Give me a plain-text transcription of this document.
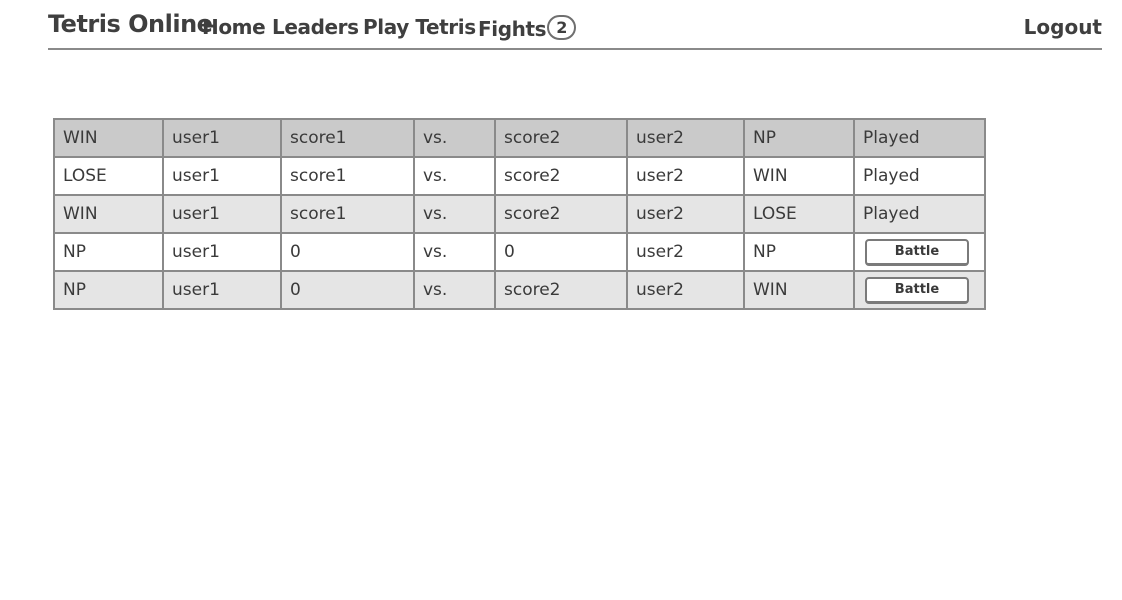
Tetris Online
Home Leaders Play Tetris Fights 2	Logout
WIN	user1	score1	vs.	score2	user2	NP	Played
LOSE	user1	score1	vs.	score2	user2	WIN	Played
WIN	user1	score1	vs.	score2	user2	LOSE	Played
NP	user1	0	vs.	0	user2	NP	Battle
NP	user1	0	vs.	score2	user2	WIN	Battle
